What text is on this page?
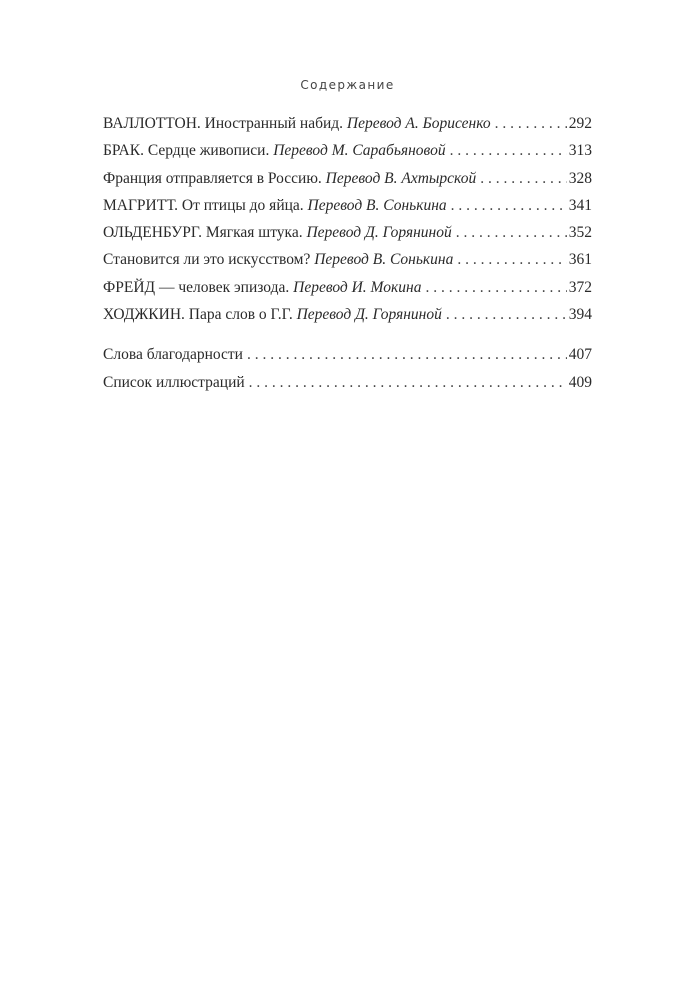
Содержание
ВАЛЛОТТОН. Иностранный набид.
Перевод А. Борисенко . . .	292
БРАК. Сердце живописи.
Перевод М. Сарабьяновой . . .	313
Франция отправляется в Россию.
Перевод В. Ахтырской . . .	328
МАГРИТТ. От птицы до яйца.
Перевод В. Сонькина . . .	341
ОЛЬДЕНБУРГ. Мягкая штука.
Перевод Д. Горяниной . . .	352
Становится ли это искусством?
Перевод В. Сонькина . . .	361
ФРЕЙД — человек эпизода.
Перевод И. Мокина . . .	372
ХОДЖКИН. Пара слов о Г.Г.
Перевод Д. Горяниной . . .	394
Слова благодарности . . .	407
Список иллюстраций . . .	409
